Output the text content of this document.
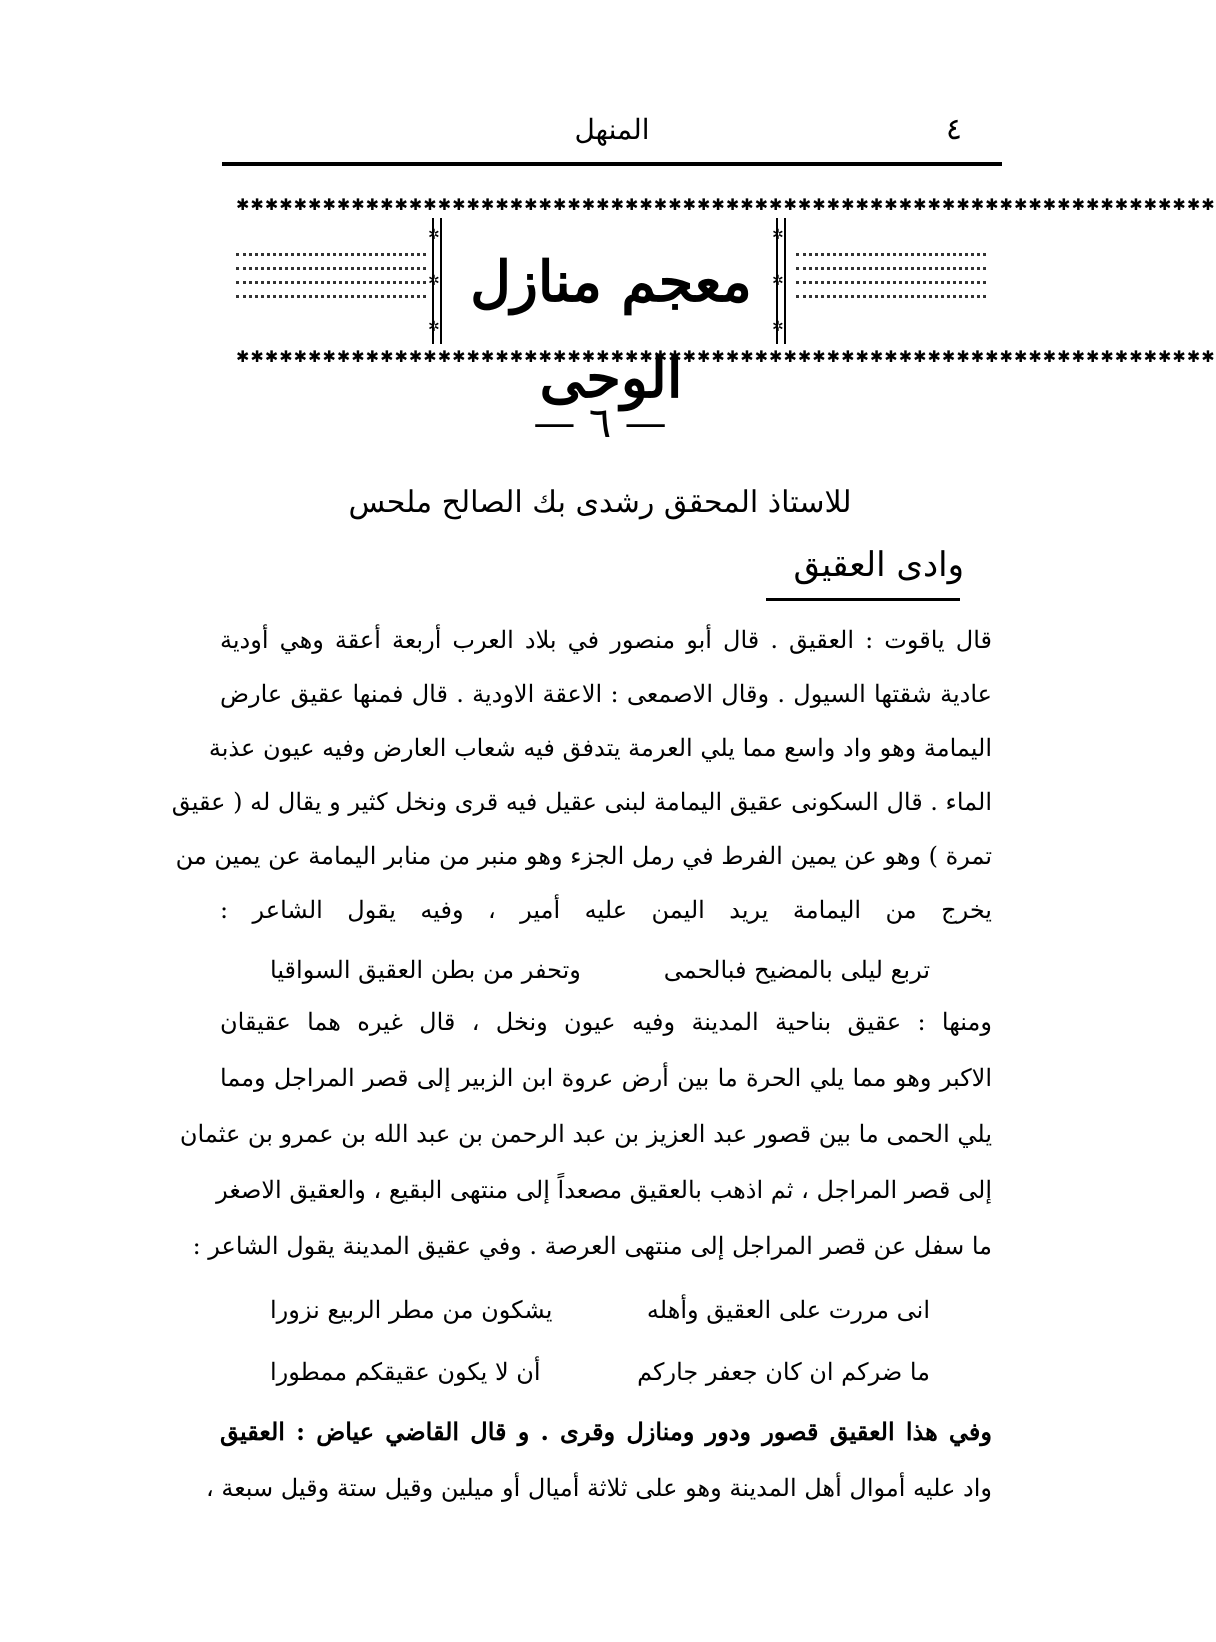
٤
المنهل
✱✱✱✱✱✱✱✱✱✱✱✱✱✱✱✱✱✱✱✱✱✱✱✱✱✱✱✱✱✱✱✱✱✱✱✱✱✱✱✱✱✱✱✱✱✱✱✱✱✱✱✱✱✱✱✱✱✱✱✱✱✱✱✱✱✱✱✱
✲
✲
✲
معجم منازل الوحى
✲
✲
✲
✱✱✱✱✱✱✱✱✱✱✱✱✱✱✱✱✱✱✱✱✱✱✱✱✱✱✱✱✱✱✱✱✱✱✱✱✱✱✱✱✱✱✱✱✱✱✱✱✱✱✱✱✱✱✱✱✱✱✱✱✱✱✱✱✱✱✱✱
— ٦ —
للاستاذ المحقق رشدى بك الصالح ملحس
وادى العقيق
قال ياقوت : العقيق . قال أبو منصور في بلاد العرب أربعة أعقة وهي أودية
عادية شقتها السيول . وقال الاصمعى : الاعقة الاودية . قال فمنها عقيق عارض
اليمامة وهو واد واسع مما يلي العرمة يتدفق فيه شعاب العارض وفيه عيون عذبة
الماء . قال السكونى عقيق اليمامة لبنى عقيل فيه قرى ونخل كثير و يقال له ( عقيق
تمرة ) وهو عن يمين الفرط في رمل الجزء وهو منبر من منابر اليمامة عن يمين من
يخرج من اليمامة يريد اليمن عليه أمير ، وفيه يقول الشاعر :
تربع ليلى بالمضيح فبالحمى
وتحفر من بطن العقيق السواقيا
ومنها : عقيق بناحية المدينة وفيه عيون ونخل ، قال غيره هما عقيقان
الاكبر وهو مما يلي الحرة ما بين أرض عروة ابن الزبير إلى قصر المراجل ومما
يلي الحمى ما بين قصور عبد العزيز بن عبد الرحمن بن عبد الله بن عمرو بن عثمان
إلى قصر المراجل ، ثم اذهب بالعقيق مصعداً إلى منتهى البقيع ، والعقيق الاصغر
ما سفل عن قصر المراجل إلى منتهى العرصة . وفي عقيق المدينة يقول الشاعر :
انى مررت على العقيق وأهله
يشكون من مطر الربيع نزورا
ما ضركم ان كان جعفر جاركم
أن لا يكون عقيقكم ممطورا
وفي هذا العقيق قصور ودور ومنازل وقرى . و قال القاضي عياض : العقيق
واد عليه أموال أهل المدينة وهو على ثلاثة أميال أو ميلين وقيل ستة وقيل سبعة ،
